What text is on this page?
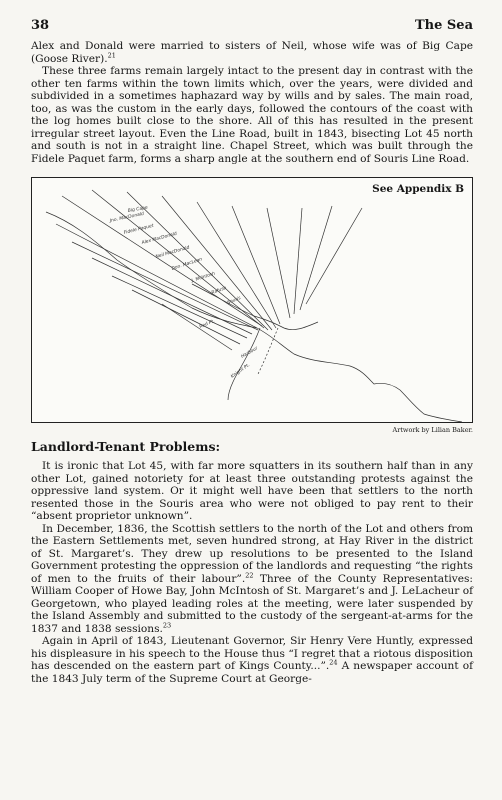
38	The Sea

Alex and Donald were married to sisters of Neil, whose wife was of Big Cape (Goose River).$^{21}$

These three farms remain largely intact to the present day in contrast with the other ten farms within the town limits which, over the years, were divided and subdivided in a sometimes haphazard way by wills and by sales. The main road, too, as was the custom in the early days, followed the contours of the coast with the log homes built close to the shore. All of this has resulted in the present irregular street layout. Even the Line Road, built in 1843, bisecting Lot 45 north and south is not in a straight line. Chapel Street, which was built through the Fidele Paquet farm, forms a sharp angle at the southern end of Souris Line Road.

Jno. MacDonald
Fidele Paquet
Alex MacDonald
Neil MacDonald
Don. MacLean
J. McIntosh
Rafuse
Souris
Big Cape
Harbour
Knight Pt.
Red Pt.
See Appendix B
Artwork by Lilian Baker.
Landlord-Tenant Problems:

It is ironic that Lot 45, with far more squatters in its southern half than in any other Lot, gained notoriety for at least three outstanding protests against the oppressive land system. Or it might well have been that settlers to the north resented those in the Souris area who were not obliged to pay rent to their “absent proprietor unknown”.

In December, 1836, the Scottish settlers to the north of the Lot and others from the Eastern Settlements met, seven hundred strong, at Hay River in the district of St. Margaret’s. They drew up resolutions to be presented to the Island Government protesting the oppression of the landlords and requesting “the rights of men to the fruits of their labour”.$^{22}$ Three of the County Representatives: William Cooper of Howe Bay, John McIntosh of St. Margaret’s and J. LeLacheur of Georgetown, who played leading roles at the meeting, were later suspended by the Island Assembly and submitted to the custody of the sergeant-at-arms for the 1837 and 1838 sessions.$^{23}$

Again in April of 1843, Lieutenant Governor, Sir Henry Vere Huntly, expressed his displeasure in his speech to the House thus “I regret that a riotous disposition has descended on the eastern part of Kings County...”.$^{24}$ A newspaper account of the 1843 July term of the Supreme Court at George-
